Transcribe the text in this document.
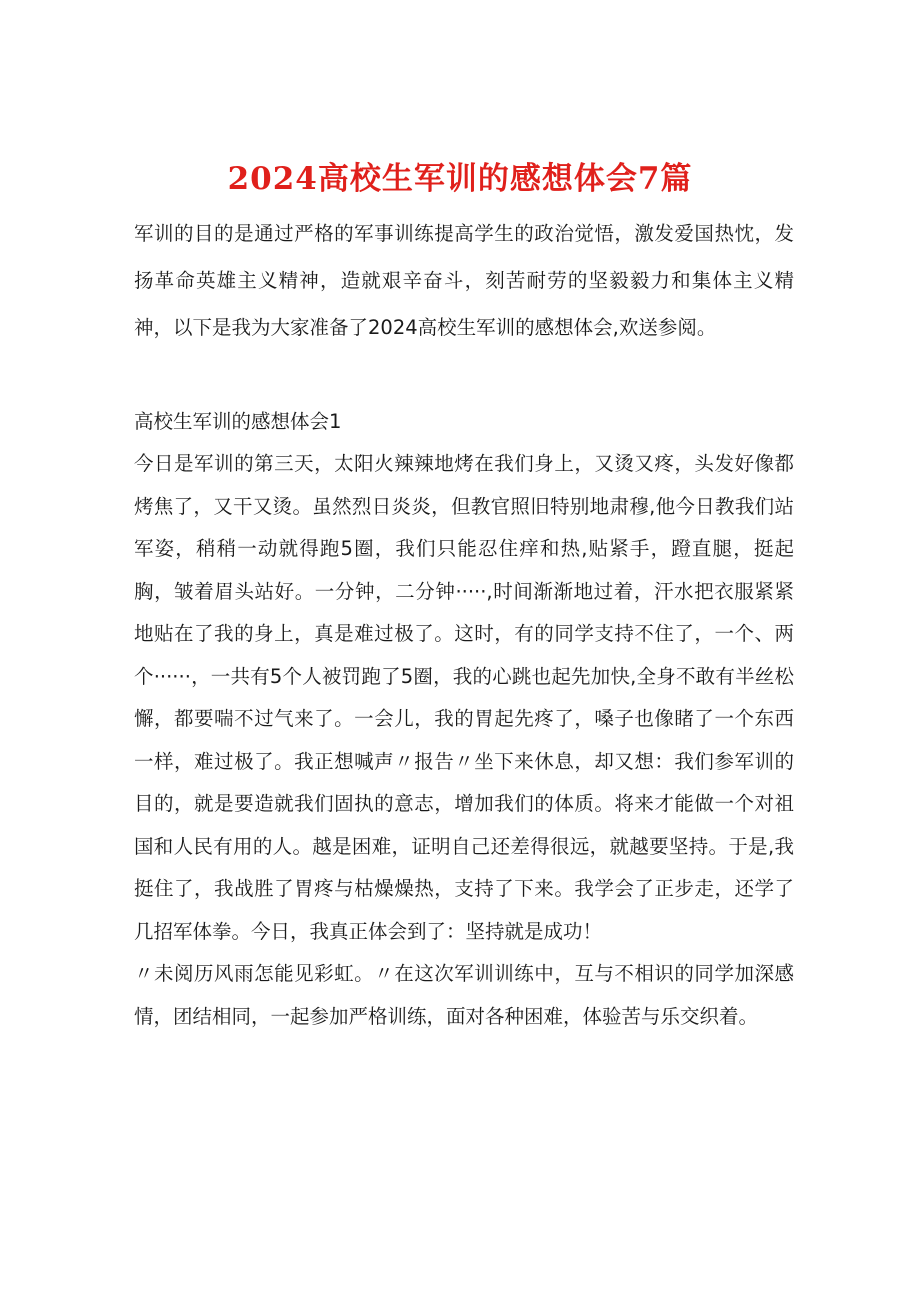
2024高校生军训的感想体会7篇

军训的目的是通过严格的军事训练提高学生的政治觉悟，激发爱国热忱，发扬革命英雄主义精神，造就艰辛奋斗，刻苦耐劳的坚毅毅力和集体主义精神，以下是我为大家准备了2024高校生军训的感想体会,欢送参阅。

高校生军训的感想体会1

今日是军训的第三天，太阳火辣辣地烤在我们身上，又烫又疼，头发好像都烤焦了，又干又烫。虽然烈日炎炎，但教官照旧特别地肃穆,他今日教我们站军姿，稍稍一动就得跑5圈，我们只能忍住痒和热,贴紧手，蹬直腿，挺起胸，皱着眉头站好。一分钟，二分钟·····,时间渐渐地过着，汗水把衣服紧紧地贴在了我的身上，真是难过极了。这时，有的同学支持不住了，一个、两个······，一共有5个人被罚跑了5圈，我的心跳也起先加快,全身不敢有半丝松懈，都要喘不过气来了。一会儿，我的胃起先疼了，嗓子也像睹了一个东西一样，难过极了。我正想喊声〃报告〃坐下来休息，却又想：我们参军训的目的，就是要造就我们固执的意志，增加我们的体质。将来才能做一个对祖国和人民有用的人。越是困难，证明自己还差得很远，就越要坚持。于是,我挺住了，我战胜了胃疼与枯燥燥热，支持了下来。我学会了正步走，还学了几招军体拳。今日，我真正体会到了：坚持就是成功！

〃未阅历风雨怎能见彩虹。〃在这次军训训练中，互与不相识的同学加深感情，团结相同，一起参加严格训练，面对各种困难，体验苦与乐交织着。
